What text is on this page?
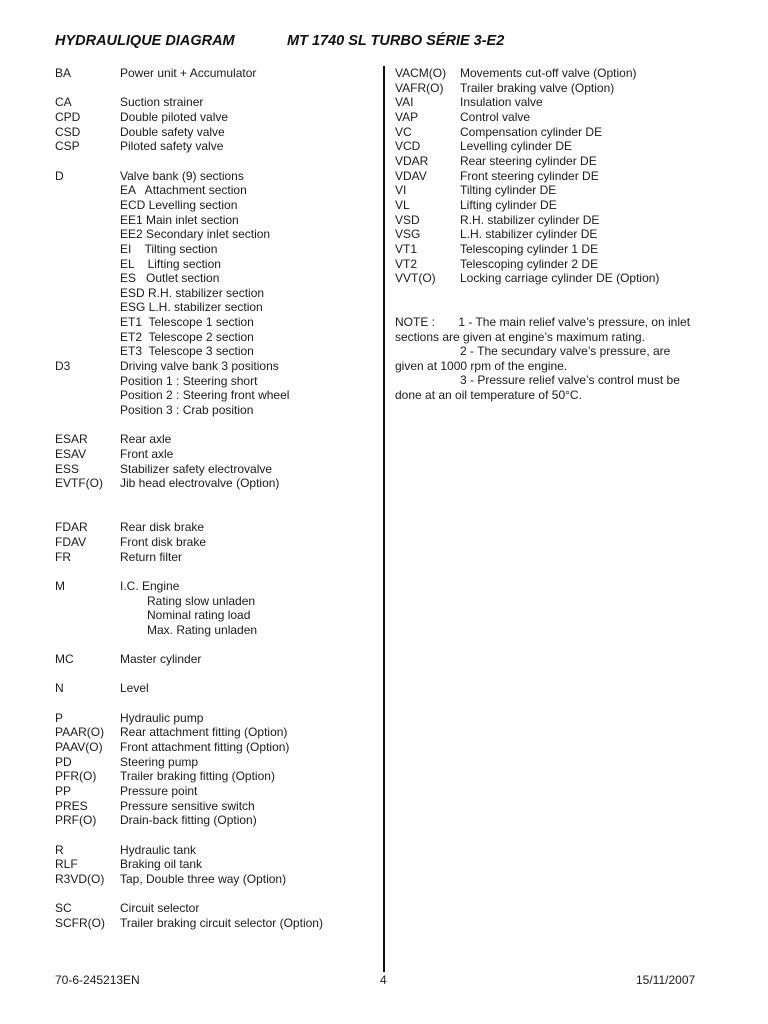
HYDRAULIQUE DIAGRAM	MT 1740 SL TURBO SÉRIE 3-E2
BA	Power unit + Accumulator
CA	Suction strainer
CPD	Double piloted valve
CSD	Double safety valve
CSP	Piloted safety valve
D	Valve bank (9) sections
EA   Attachment section
ECD Levelling section
EE1 Main inlet section
EE2 Secondary inlet section
EI    Tilting section
EL    Lifting section
ES   Outlet section
ESD R.H. stabilizer section
ESG L.H. stabilizer section
ET1  Telescope 1 section
ET2  Telescope 2 section
ET3  Telescope 3 section
D3	Driving valve bank 3 positions
Position 1 : Steering short
Position 2 : Steering front wheel
Position 3 : Crab position
ESAR	Rear axle
ESAV	Front axle
ESS	Stabilizer safety electrovalve
EVTF(O)	Jib head electrovalve (Option)
FDAR	Rear disk brake
FDAV	Front disk brake
FR	Return filter
M	I.C. Engine
Rating slow unladen
Nominal rating load
Max. Rating unladen
MC	Master cylinder
N	Level
P	Hydraulic pump
PAAR(O)	Rear attachment fitting (Option)
PAAV(O)	Front attachment fitting (Option)
PD	Steering pump
PFR(O)	Trailer braking fitting (Option)
PP	Pressure point
PRES	Pressure sensitive switch
PRF(O)	Drain-back fitting (Option)
R	Hydraulic tank
RLF	Braking oil tank
R3VD(O)	Tap, Double three way (Option)
SC	Circuit selector
SCFR(O)	Trailer braking circuit selector (Option)
VACM(O)	Movements cut-off valve (Option)
VAFR(O)	Trailer braking valve (Option)
VAI	Insulation valve
VAP	Control valve
VC	Compensation cylinder DE
VCD	Levelling cylinder DE
VDAR	Rear steering cylinder DE
VDAV	Front steering cylinder DE
VI	Tilting cylinder DE
VL	Lifting cylinder DE
VSD	R.H. stabilizer cylinder DE
VSG	L.H. stabilizer cylinder DE
VT1	Telescoping cylinder 1 DE
VT2	Telescoping cylinder 2 DE
VVT(O)	Locking carriage cylinder DE (Option)
NOTE : 1 - The main relief valve’s pressure, on inlet
sections are given at engine’s maximum rating.
2 - The secundary valve’s pressure, are
given at 1000 rpm of the engine.
3 - Pressure relief valve’s control must be
done at an oil temperature of 50°C.
70-6-245213EN	4	15/11/2007
